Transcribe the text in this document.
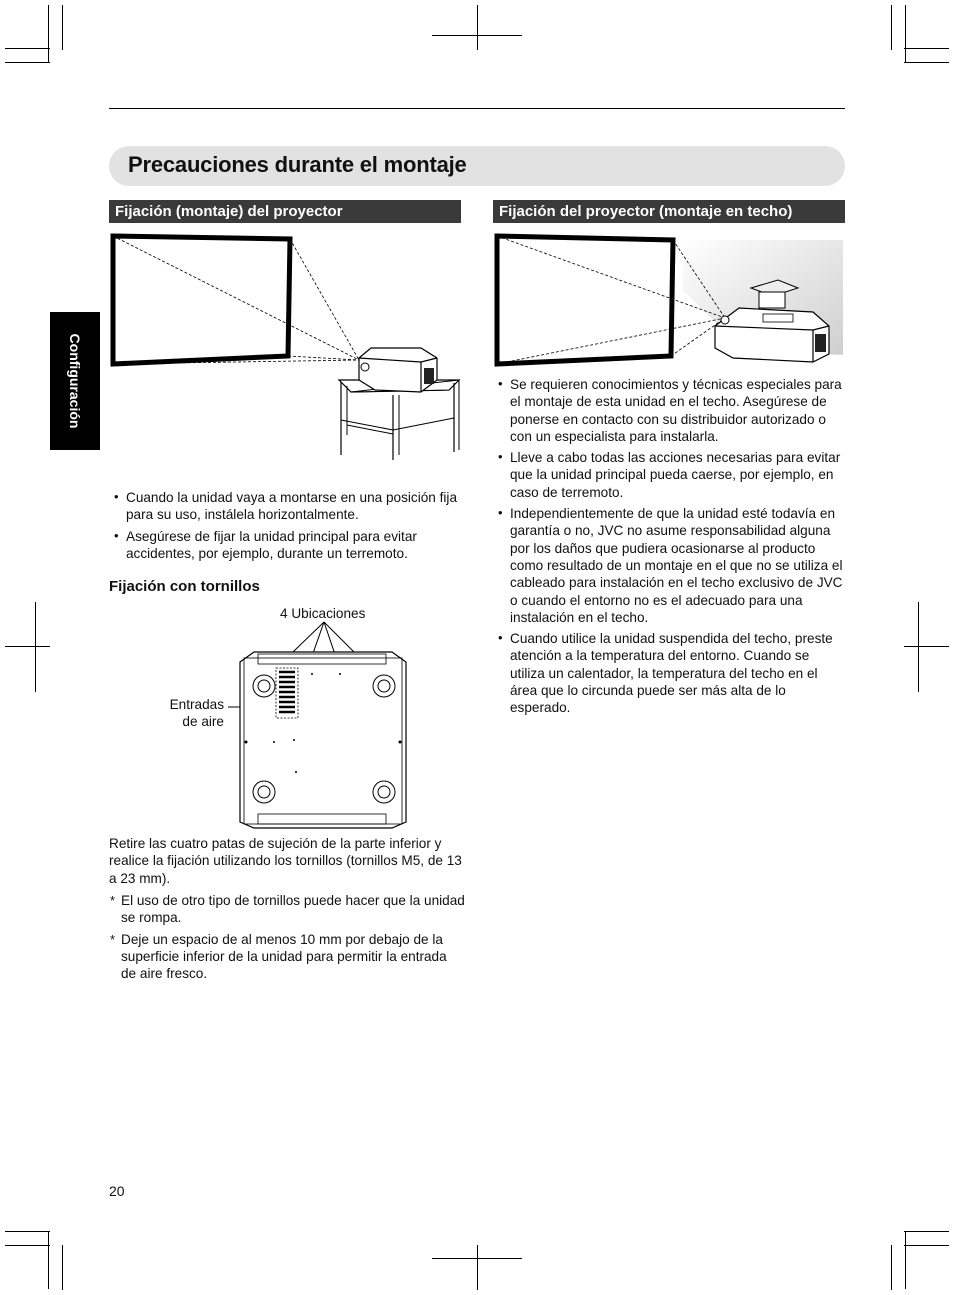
Precauciones durante el montaje
Configuración
Fijación (montaje) del proyector
• Cuando la unidad vaya a montarse en una posición fija para su uso, instálela horizontalmente.
• Asegúrese de fijar la unidad principal para evitar accidentes, por ejemplo, durante un terremoto.
Fijación con tornillos
4 Ubicaciones
Entradas
de aire
Retire las cuatro patas de sujeción de la parte inferior y realice la fijación utilizando los tornillos (tornillos M5, de 13 a 23 mm).
* El uso de otro tipo de tornillos puede hacer que la unidad se rompa.
* Deje un espacio de al menos 10 mm por debajo de la superficie inferior de la unidad para permitir la entrada de aire fresco.
Fijación del proyector (montaje en techo)
• Se requieren conocimientos y técnicas especiales para el montaje de esta unidad en el techo. Asegúrese de ponerse en contacto con su distribuidor autorizado o con un especialista para instalarla.
• Lleve a cabo todas las acciones necesarias para evitar que la unidad principal pueda caerse, por ejemplo, en caso de terremoto.
• Independientemente de que la unidad esté todavía en garantía o no, JVC no asume responsabilidad alguna por los daños que pudiera ocasionarse al producto como resultado de un montaje en el que no se utiliza el cableado para instalación en el techo exclusivo de JVC o cuando el entorno no es el adecuado para una instalación en el techo.
• Cuando utilice la unidad suspendida del techo, preste atención a la temperatura del entorno. Cuando se utiliza un calentador, la temperatura del techo en el área que lo circunda puede ser más alta de lo esperado.
20
